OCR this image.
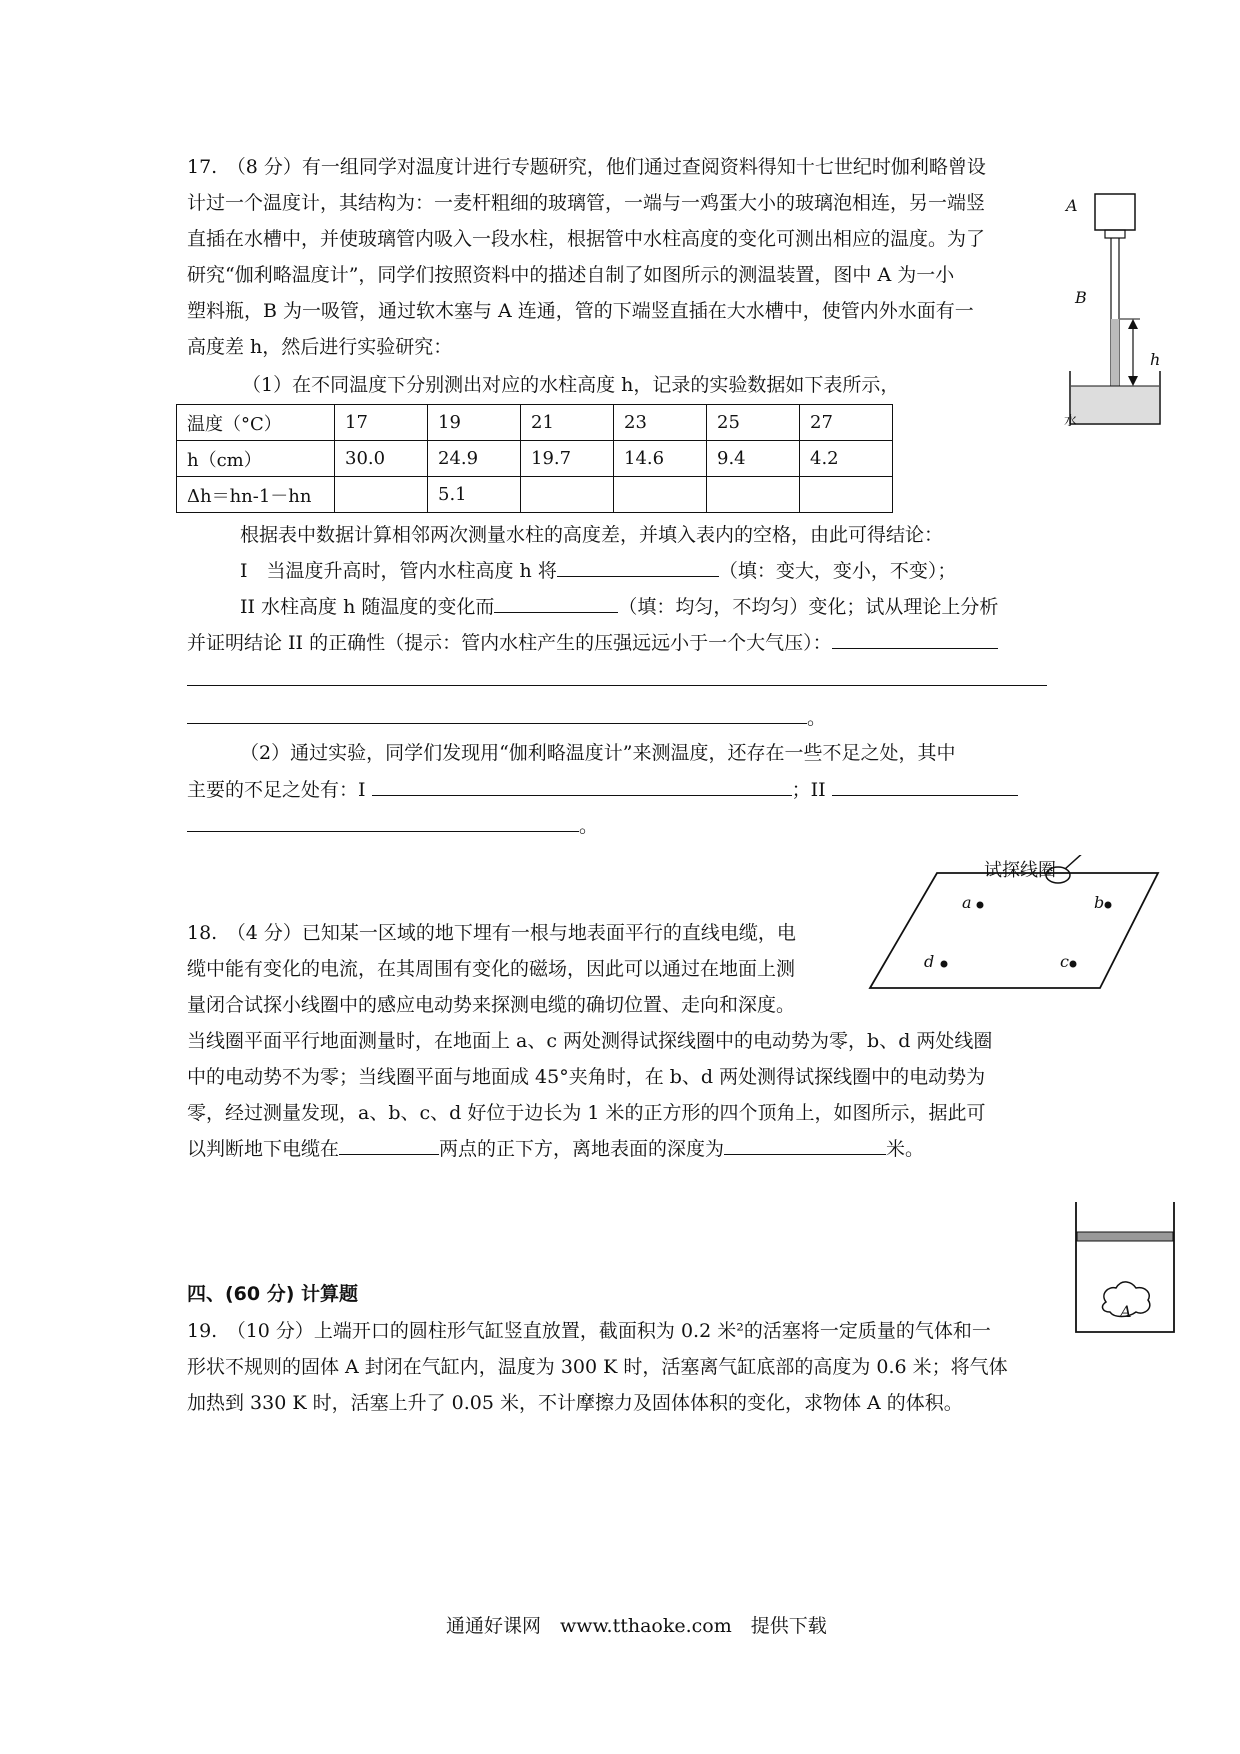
17.　（8 分）有一组同学对温度计进行专题研究，他们通过查阅资料得知十七世纪时伽利略曾设
计过一个温度计，其结构为：一麦杆粗细的玻璃管，一端与一鸡蛋大小的玻璃泡相连，另一端竖
直插在水槽中，并使玻璃管内吸入一段水柱，根据管中水柱高度的变化可测出相应的温度。为了
研究“伽利略温度计”，同学们按照资料中的描述自制了如图所示的测温装置，图中 A 为一小
塑料瓶，B 为一吸管，通过软木塞与 A 连通，管的下端竖直插在大水槽中，使管内外水面有一
高度差 h，然后进行实验研究：
（1）在不同温度下分别测出对应的水柱高度 h，记录的实验数据如下表所示，
温度（°C）	17	19	21	23	25	27
h（cm）	30.0	24.9	19.7	14.6	9.4	4.2
Δh＝hn-1－hn		5.1				
根据表中数据计算相邻两次测量水柱的高度差，并填入表内的空格，由此可得结论：
I　当温度升高时，管内水柱高度 h 将	（填：变大，变小，不变）；
II 水柱高度 h 随温度的变化而	（填：均匀，不均匀）变化；试从理论上分析
并证明结论 II 的正确性（提示：管内水柱产生的压强远远小于一个大气压）：
。
（2）通过实验，同学们发现用“伽利略温度计”来测温度，还存在一些不足之处，其中
主要的不足之处有：I	；II
。
A
B
h
水
18.　（4 分）已知某一区域的地下埋有一根与地表面平行的直线电缆，电
缆中能有变化的电流，在其周围有变化的磁场，因此可以通过在地面上测
量闭合试探小线圈中的感应电动势来探测电缆的确切位置、走向和深度。
当线圈平面平行地面测量时，在地面上 a、c 两处测得试探线圈中的电动势为零，b、d 两处线圈
中的电动势不为零；当线圈平面与地面成 45°夹角时，在 b、d 两处测得试探线圈中的电动势为
零，经过测量发现，a、b、c、d 好位于边长为 1 米的正方形的四个顶角上，如图所示，据此可
以判断地下电缆在	两点的正下方，离地表面的深度为	米。
试探线圈
a	b
d	c
四、(60 分) 计算题
19.　（10 分）上端开口的圆柱形气缸竖直放置，截面积为 0.2 米²的活塞将一定质量的气体和一
形状不规则的固体 A 封闭在气缸内，温度为 300 K 时，活塞离气缸底部的高度为 0.6 米；将气体
加热到 330 K 时，活塞上升了 0.05 米，不计摩擦力及固体体积的变化，求物体 A 的体积。
A
通通好课网　www.tthaoke.com　提供下载
